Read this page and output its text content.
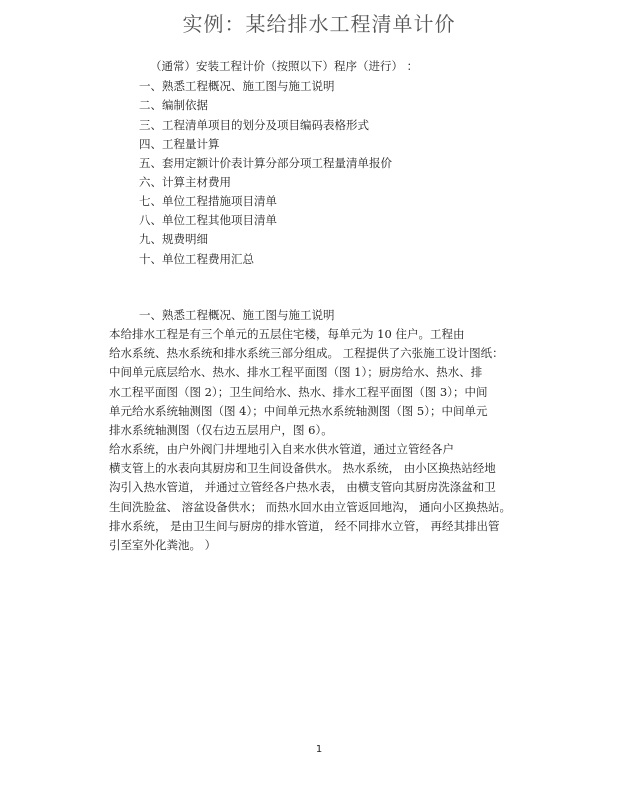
实例：某给排水工程清单计价
（通常）安装工程计价（按照以下）程序（进行） ：
一、熟悉工程概况、施工图与施工说明
二、编制依据
三、工程清单项目的划分及项目编码表格形式
四、工程量计算
五、套用定额计价表计算分部分项工程量清单报价
六、计算主材费用
七、单位工程措施项目清单
八、单位工程其他项目清单
九、规费明细
十、单位工程费用汇总
一、熟悉工程概况、施工图与施工说明
本给排水工程是有三个单元的五层住宅楼，每单元为 10 住户。工程由
给水系统、热水系统和排水系统三部分组成。 工程提供了六张施工设计图纸：
中间单元底层给水、热水、排水工程平面图（图 1）；厨房给水、热水、排
水工程平面图（图 2）；卫生间给水、热水、排水工程平面图（图 3）；中间
单元给水系统轴测图（图 4）；中间单元热水系统轴测图（图 5）；中间单元
排水系统轴测图（仅右边五层用户，图 6）。
给水系统，由户外阀门井埋地引入自来水供水管道，通过立管经各户
横支管上的水表向其厨房和卫生间设备供水。 热水系统， 由小区换热站经地
沟引入热水管道， 并通过立管经各户热水表， 由横支管向其厨房洗涤盆和卫
生间洗脸盆、 溶盆设备供水； 而热水回水由立管返回地沟， 通向小区换热站。
排水系统， 是由卫生间与厨房的排水管道， 经不同排水立管， 再经其排出管
引至室外化粪池。 ）
1
